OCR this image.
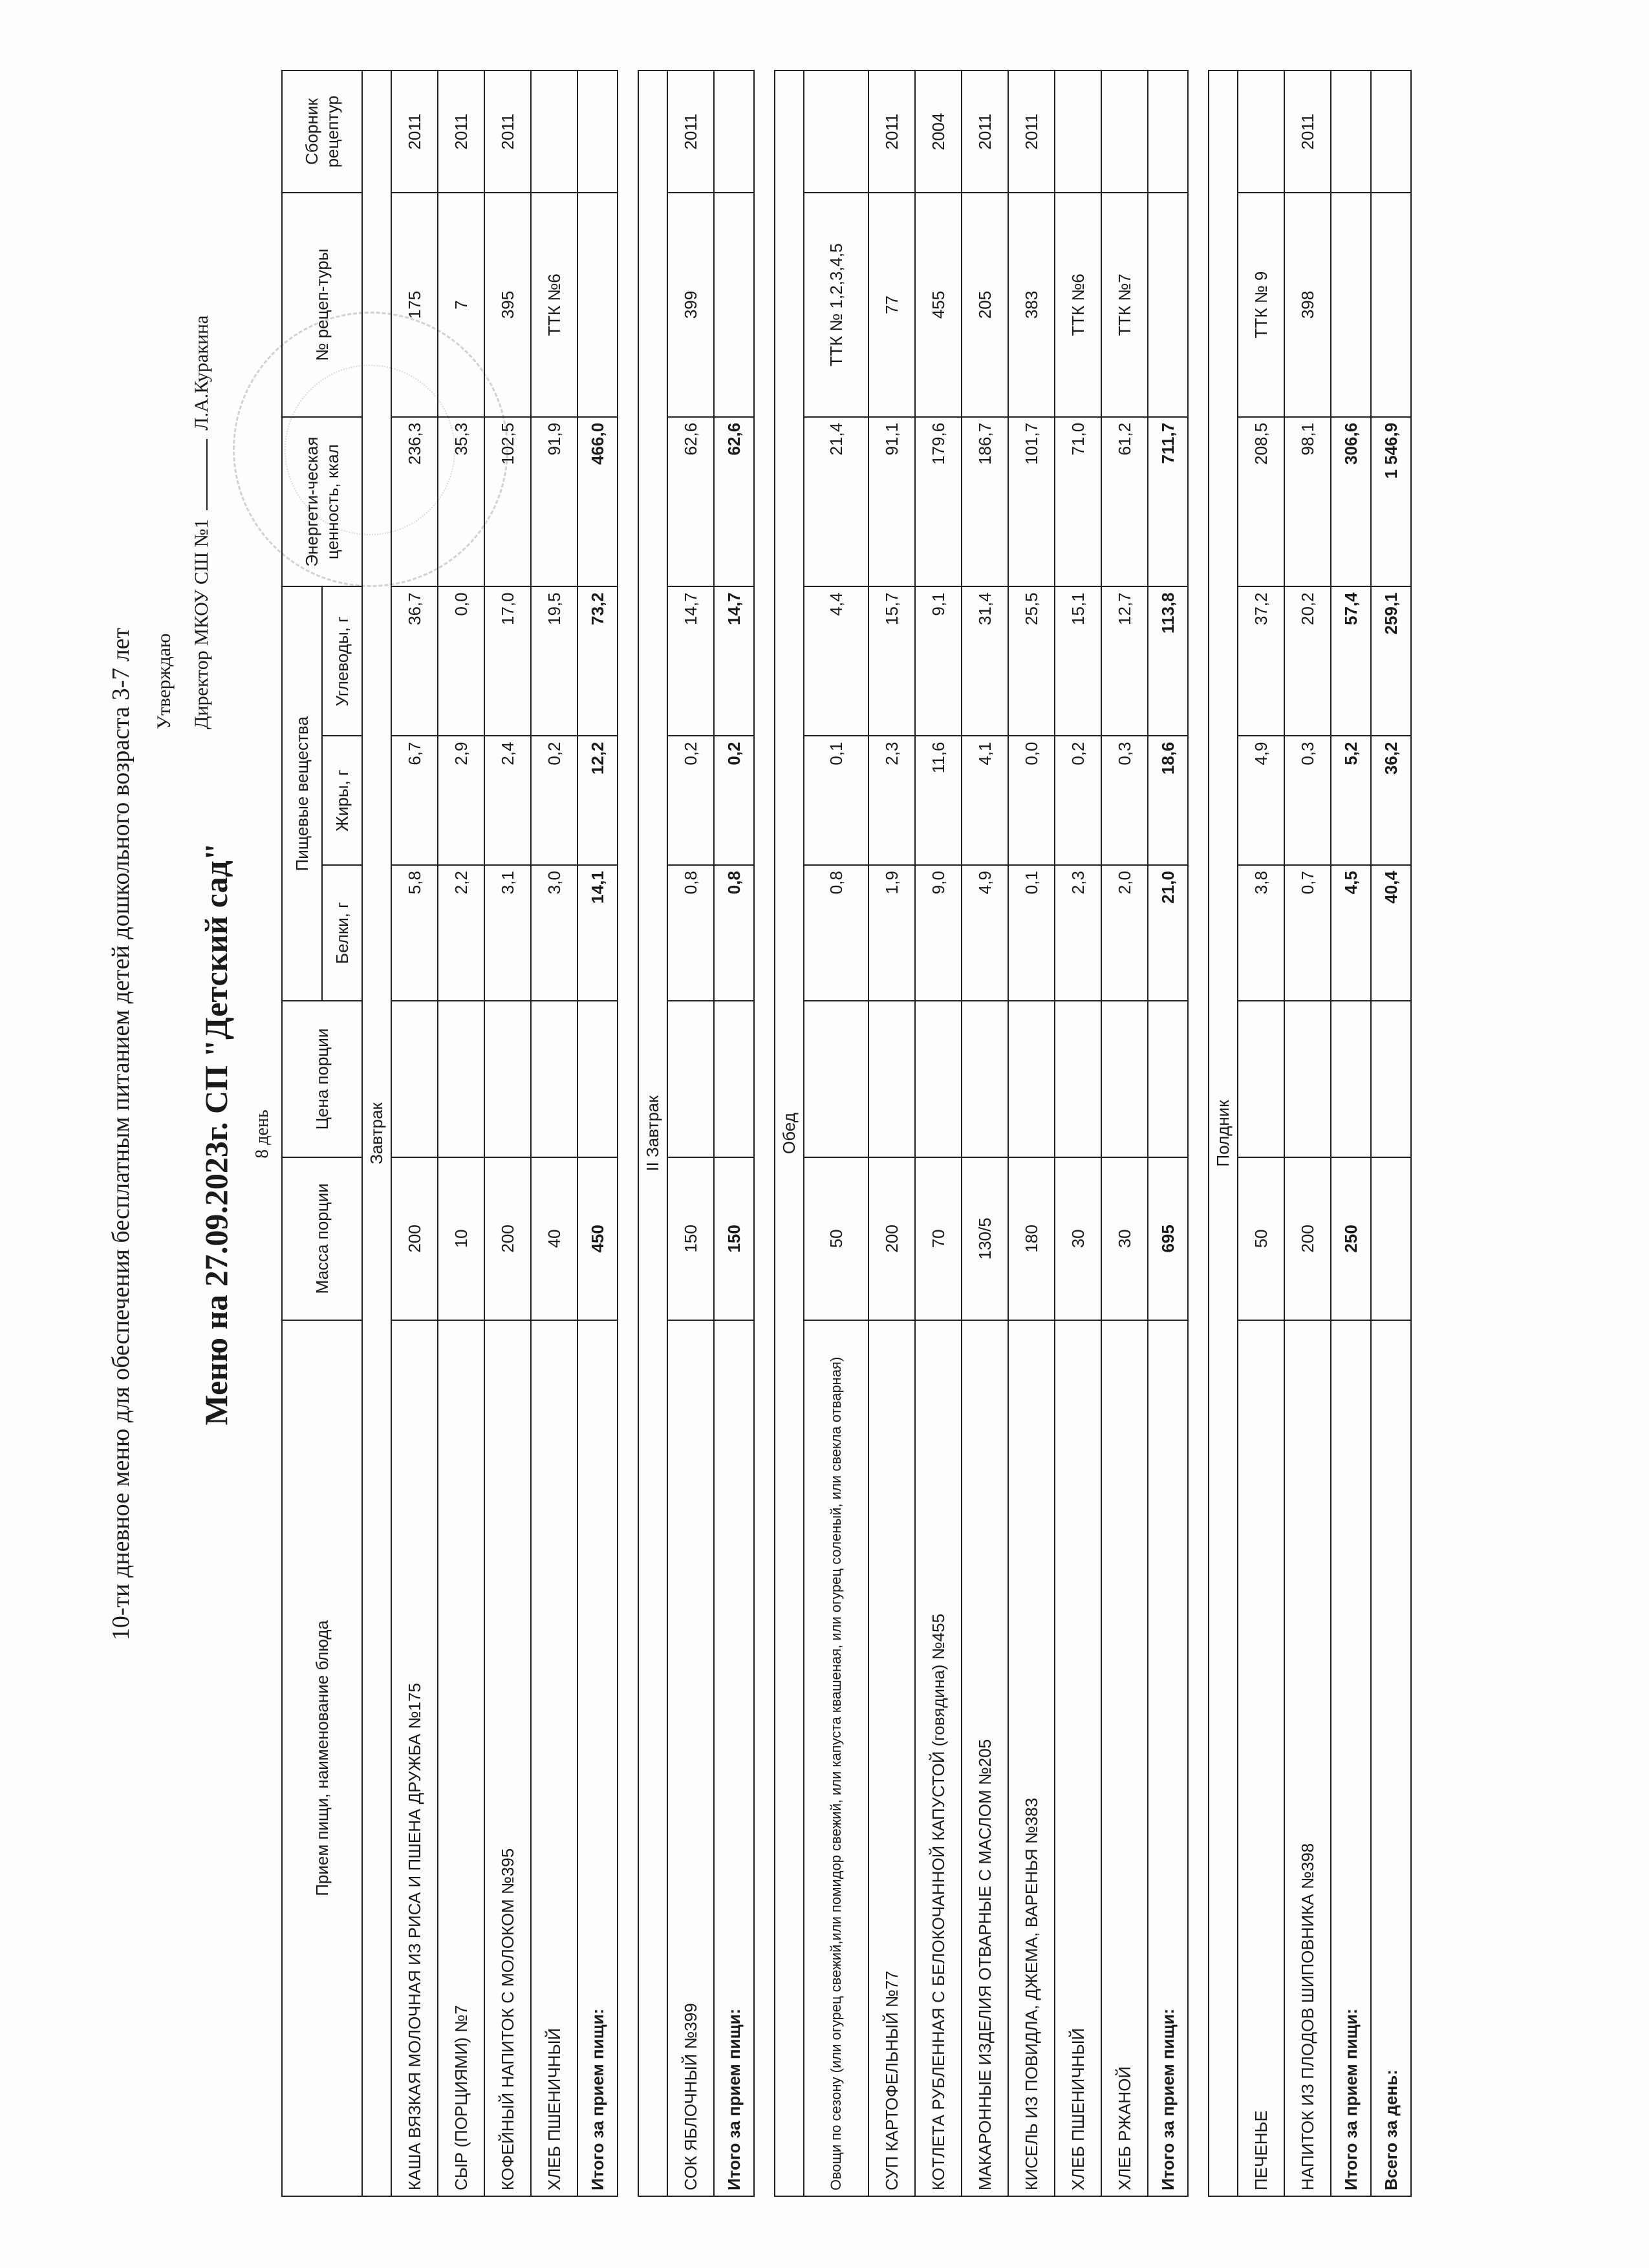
10-ти дневное меню для обеспечения бесплатным питанием детей дошкольного возраста 3-7 лет Меню на 27.09.2023г. СП "Детский сад" 8 день
Утверждаю Директор МКОУ СШ №1  Л.А.Куракина
Прием пищи, наименование блюда	Масса порции	Цена порции	Пищевые вещества			Энергети-ческая ценность, ккал	№ рецеп-туры	Сборник рецептур
			Белки, г	Жиры, г	Углеводы, г			
Завтрак								
КАША ВЯЗКАЯ МОЛОЧНАЯ ИЗ РИСА И ПШЕНА ДРУЖБА №175	200		5,8	6,7	36,7	236,3	175	2011
СЫР (ПОРЦИЯМИ) №7	10		2,2	2,9	0,0	35,3	7	2011
КОФЕЙНЫЙ НАПИТОК С МОЛОКОМ №395	200		3,1	2,4	17,0	102,5	395	2011
ХЛЕБ ПШЕНИЧНЫЙ	40		3,0	0,2	19,5	91,9	ТТК №6	
Итого за прием пищи:	450		14,1	12,2	73,2	466,0		

II Завтрак								
СОК ЯБЛОЧНЫЙ №399	150		0,8	0,2	14,7	62,6	399	2011
Итого за прием пищи:	150		0,8	0,2	14,7	62,6		

Обед								
Овощи по сезону (или огурец свежий,или помидор свежий, или капуста квашеная, или огурец соленый, или свекла отварная)	50		0,8	0,1	4,4	21,4	ТТК № 1,2,3,4,5	
СУП КАРТОФЕЛЬНЫЙ №77	200		1,9	2,3	15,7	91,1	77	2011
КОТЛЕТА РУБЛЕННАЯ С БЕЛОКОЧАННОЙ КАПУСТОЙ (говядина) №455	70		9,0	11,6	9,1	179,6	455	2004
МАКАРОННЫЕ ИЗДЕЛИЯ ОТВАРНЫЕ С МАСЛОМ №205	130/5		4,9	4,1	31,4	186,7	205	2011
КИСЕЛЬ ИЗ ПОВИДЛА, ДЖЕМА, ВАРЕНЬЯ №383	180		0,1	0,0	25,5	101,7	383	2011
ХЛЕБ ПШЕНИЧНЫЙ	30		2,3	0,2	15,1	71,0	ТТК №6	
ХЛЕБ РЖАНОЙ	30		2,0	0,3	12,7	61,2	ТТК №7	
Итого за прием пищи:	695		21,0	18,6	113,8	711,7		

Полдник								
ПЕЧЕНЬЕ	50		3,8	4,9	37,2	208,5	ТТК № 9	
НАПИТОК ИЗ ПЛОДОВ ШИПОВНИКА №398	200		0,7	0,3	20,2	98,1	398	2011
Итого за прием пищи:	250		4,5	5,2	57,4	306,6		
Всего за день:			40,4	36,2	259,1	1 546,9		
